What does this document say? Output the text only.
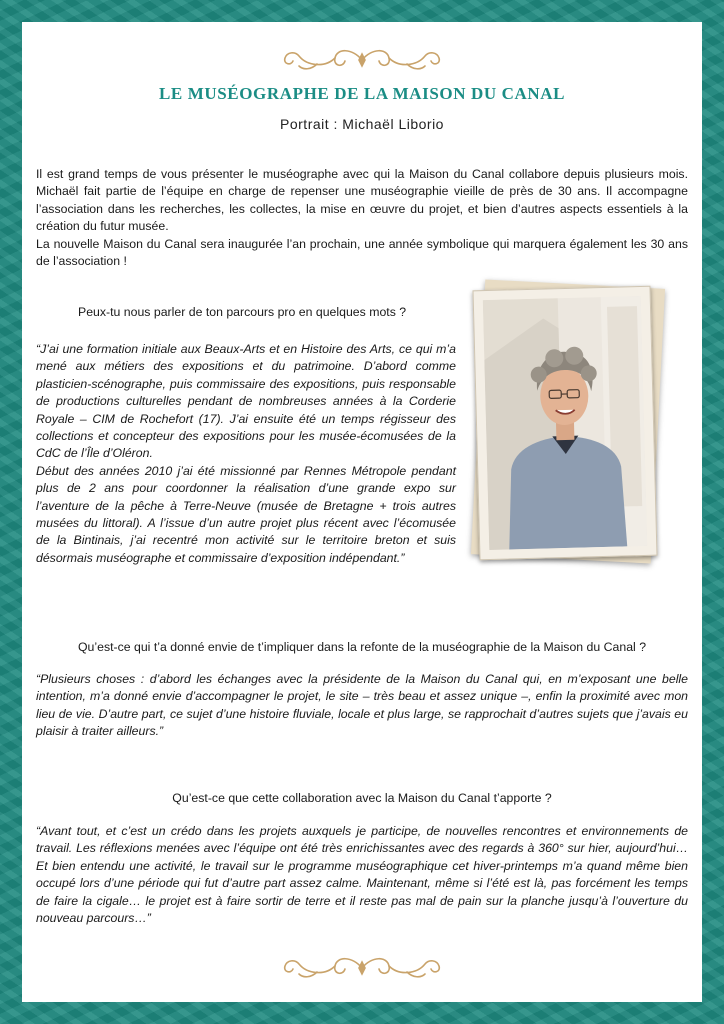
LE MUSÉOGRAPHE DE LA MAISON DU CANAL
Portrait : Michaël Liborio

Il est grand temps de vous présenter le muséographe avec qui la Maison du Canal collabore depuis plusieurs mois. Michaël fait partie de l’équipe en charge de repenser une muséographie vieille de près de 30 ans. Il accompagne l’association dans les recherches, les collectes, la mise en œuvre du projet, et bien d’autres aspects essentiels à la création du futur musée.

La nouvelle Maison du Canal sera inaugurée l’an prochain, une année symbolique qui marquera également les 30 ans de l’association !

Peux-tu nous parler de ton parcours pro en quelques mots ?

“J’ai une formation initiale aux Beaux-Arts et en Histoire des Arts, ce qui m’a mené aux métiers des expositions et du patrimoine. D’abord comme plasticien-scénographe, puis commissaire des expositions, puis responsable de productions culturelles pendant de nombreuses années à la Corderie Royale – CIM de Rochefort (17). J’ai ensuite été un temps régisseur des collections et concepteur des expositions pour les musée-écomusées de la CdC de l’Île d’Oléron.

Début des années 2010 j’ai été missionné par Rennes Métropole pendant plus de 2 ans pour coordonner la réalisation d’une grande expo sur l’aventure de la pêche à Terre-Neuve (musée de Bretagne + trois autres musées du littoral). A l’issue d’un autre projet plus récent avec l’écomusée de la Bintinais, j’ai recentré mon activité sur le territoire breton et suis désormais muséographe et commissaire d’exposition indépendant.”

Qu’est-ce qui t’a donné envie de t’impliquer dans la refonte de la muséographie de la Maison du Canal ?

“Plusieurs choses : d’abord les échanges avec la présidente de la Maison du Canal qui, en m’exposant une belle intention, m’a donné envie d’accompagner le projet, le site – très beau et assez unique –, enfin la proximité avec mon lieu de vie. D’autre part, ce sujet d’une histoire fluviale, locale et plus large, se rapprochait d’autres sujets que j’avais eu plaisir à traiter ailleurs.”

Qu’est-ce que cette collaboration avec la Maison du Canal t’apporte ?

“Avant tout, et c’est un crédo dans les projets auxquels je participe, de nouvelles rencontres et environnements de travail. Les réflexions menées avec l’équipe ont été très enrichissantes avec des regards à 360° sur hier, aujourd’hui… Et bien entendu une activité, le travail sur le programme muséographique cet hiver-printemps m’a quand même bien occupé lors d’une période qui fut d’autre part assez calme. Maintenant, même si l’été est là, pas forcément les temps de faire la cigale… le projet est à faire sortir de terre et il reste pas mal de pain sur la planche jusqu’à l’ouverture du nouveau parcours…”
